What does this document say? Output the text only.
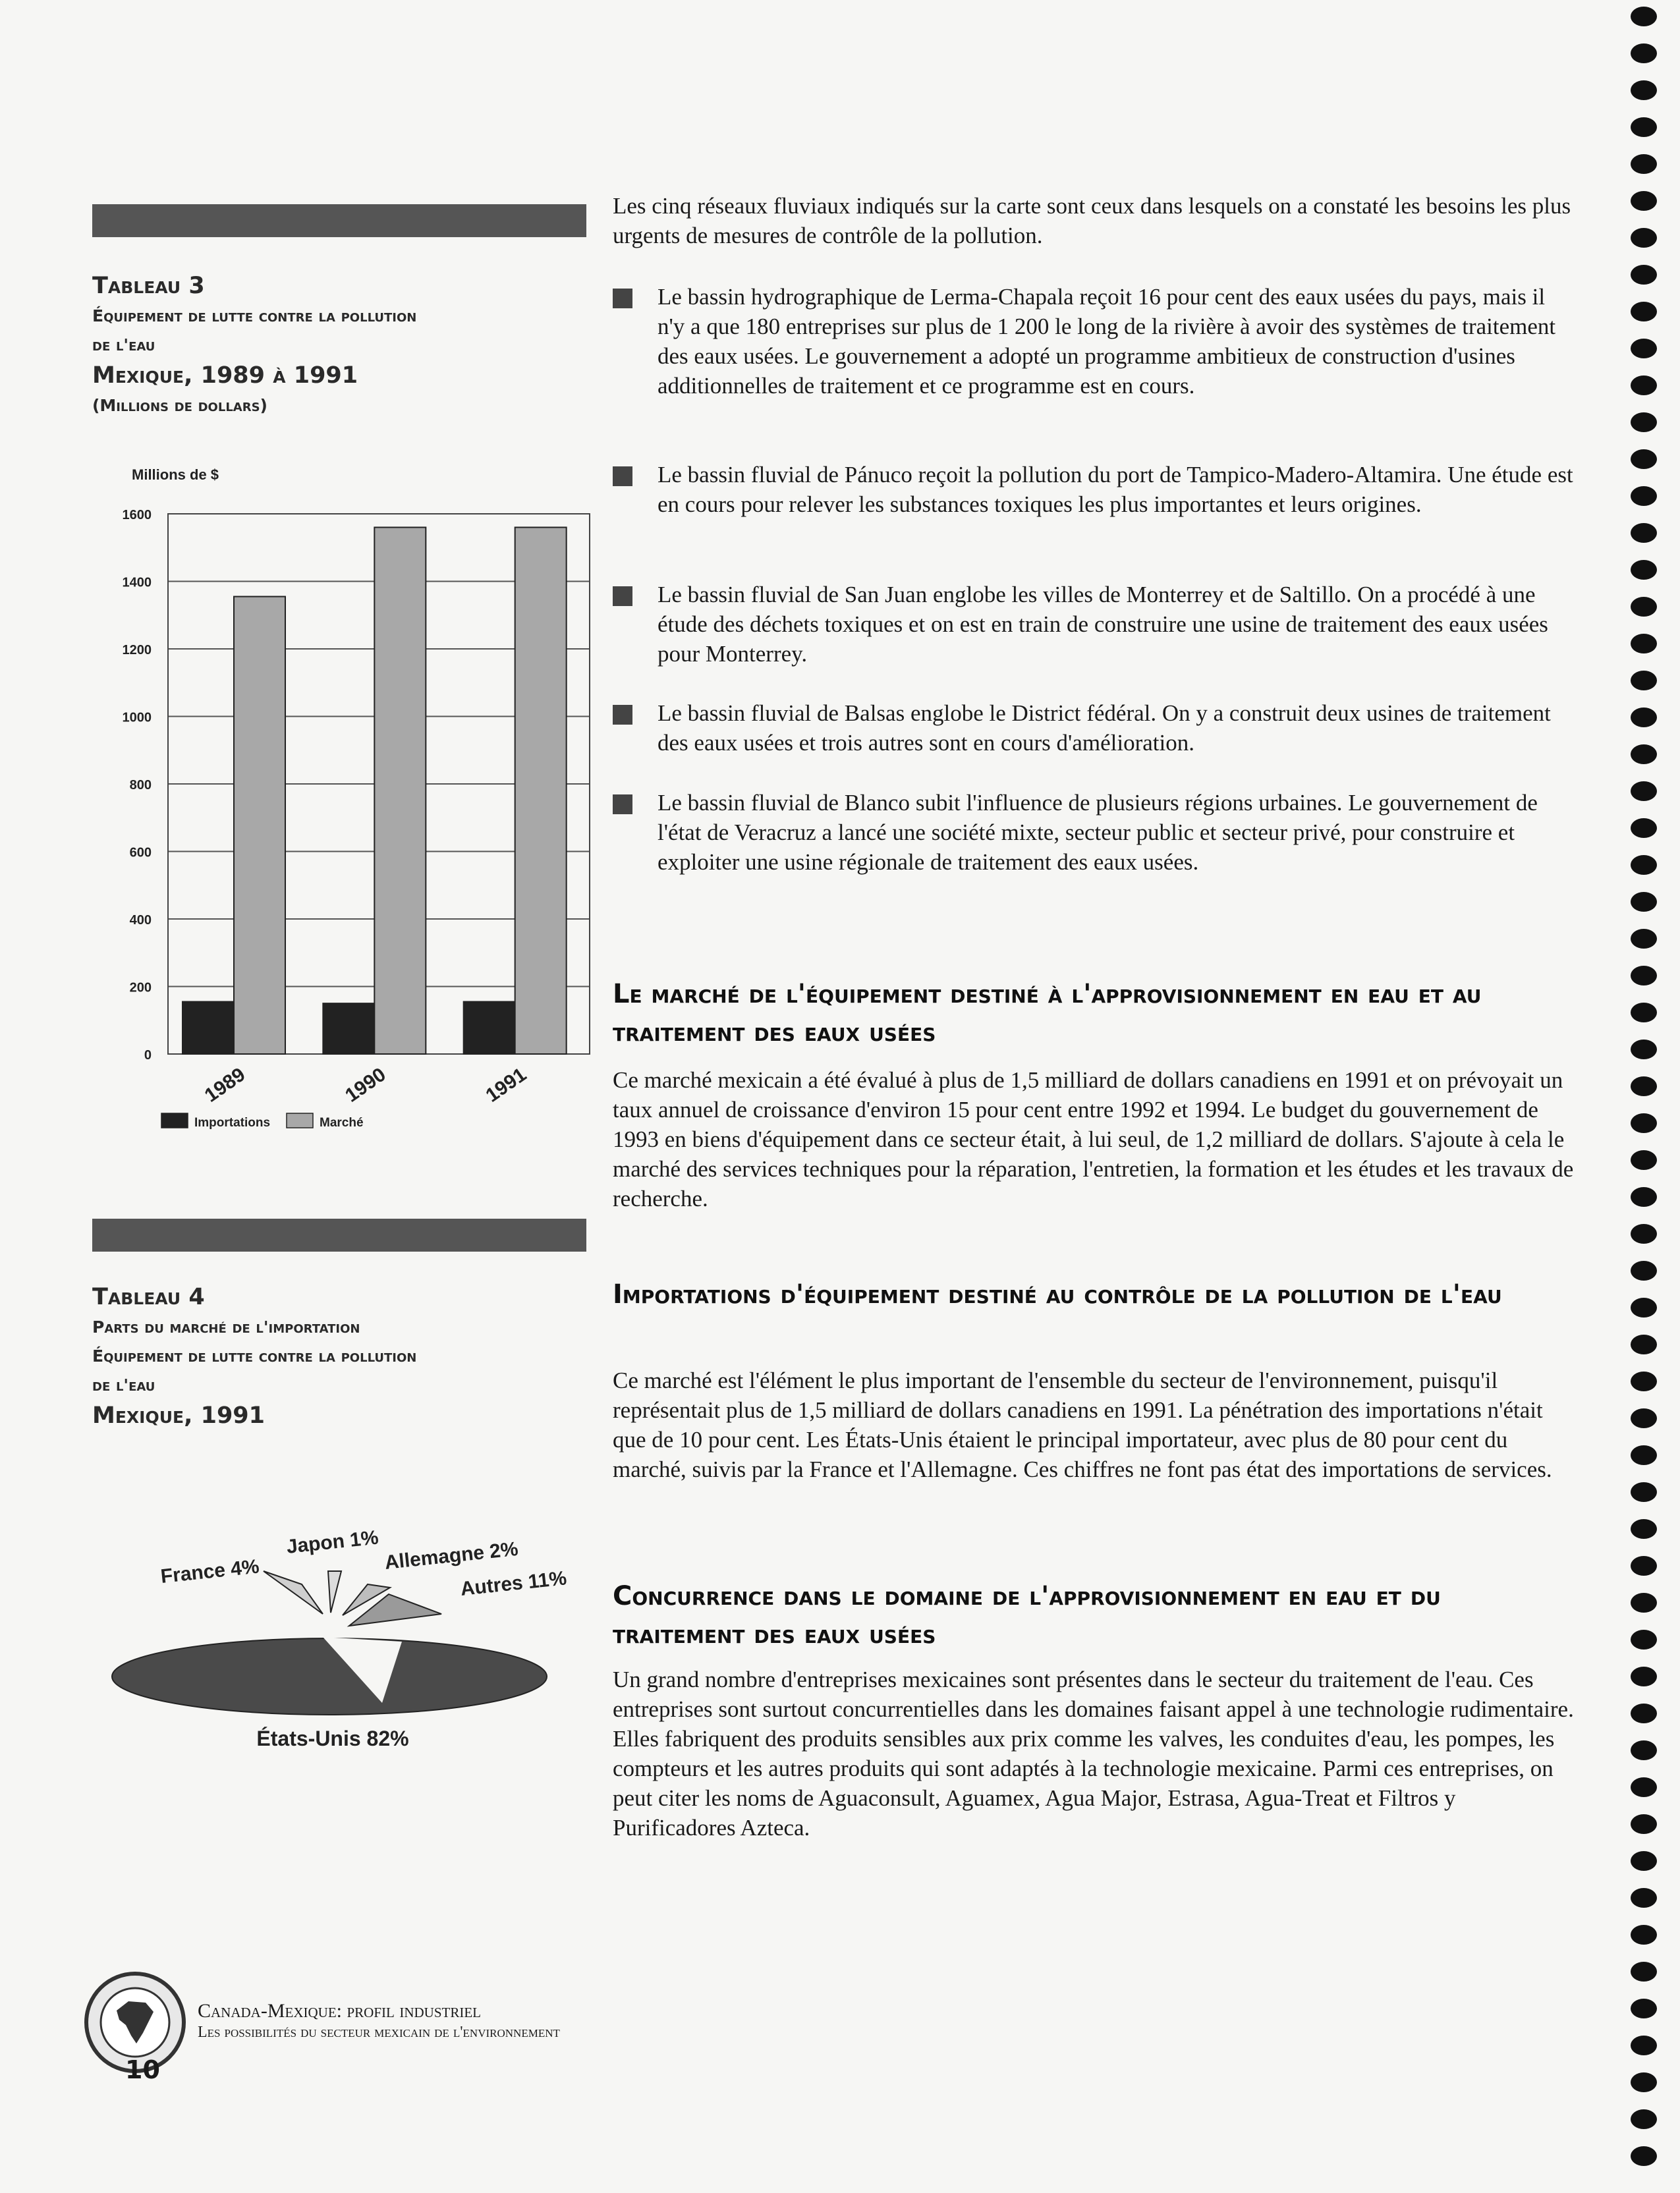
Tableau 3
Équipement de lutte contre la pollution
de l'eau
Mexique, 1989 à 1991
(Millions de dollars)
Millions de $
0
200
400
600
800
1000
1200
1400
1600
1989	1990	1991
Importations	Marché
Tableau 4
Parts du marché de l'importation
Équipement de lutte contre la pollution
de l'eau
Mexique, 1991
France 4%
Japon 1% Allemagne 2%
Autres 11%
États-Unis 82%

Les cinq réseaux fluviaux indiqués sur la carte sont ceux dans lesquels on a constaté les besoins les plus urgents de mesures de contrôle de la pollution.

Le bassin hydrographique de Lerma-Chapala reçoit 16 pour cent des eaux usées du pays, mais il n'y a que 180 entreprises sur plus de 1 200 le long de la rivière à avoir des systèmes de traitement des eaux usées. Le gouvernement a adopté un programme ambitieux de construction d'usines additionnelles de traitement et ce programme est en cours.
Le bassin fluvial de Pánuco reçoit la pollution du port de Tampico-Madero-Altamira. Une étude est en cours pour relever les substances toxiques les plus importantes et leurs origines.
Le bassin fluvial de San Juan englobe les villes de Monterrey et de Saltillo. On a procédé à une étude des déchets toxiques et on est en train de construire une usine de traitement des eaux usées pour Monterrey.
Le bassin fluvial de Balsas englobe le District fédéral. On y a construit deux usines de traitement des eaux usées et trois autres sont en cours d'amélioration.
Le bassin fluvial de Blanco subit l'influence de plusieurs régions urbaines. Le gouvernement de l'état de Veracruz a lancé une société mixte, secteur public et secteur privé, pour construire et exploiter une usine régionale de traitement des eaux usées.
Le marché de l'équipement destiné à l'approvisionnement en eau et au traitement des eaux usées
Ce marché mexicain a été évalué à plus de 1,5 milliard de dollars canadiens en 1991 et on prévoyait un taux annuel de croissance d'environ 15 pour cent entre 1992 et 1994. Le budget du gouvernement de 1993 en biens d'équipement dans ce secteur était, à lui seul, de 1,2 milliard de dollars. S'ajoute à cela le marché des services techniques pour la réparation, l'entretien, la formation et les études et les travaux de recherche.
Importations d'équipement destiné au contrôle de la pollution de l'eau
Ce marché est l'élément le plus important de l'ensemble du secteur de l'environnement, puisqu'il représentait plus de 1,5 milliard de dollars canadiens en 1991. La pénétration des importations n'était que de 10 pour cent. Les États-Unis étaient le principal importateur, avec plus de 80 pour cent du marché, suivis par la France et l'Allemagne. Ces chiffres ne font pas état des importations de services.
Concurrence dans le domaine de l'approvisionnement en eau et du traitement des eaux usées
Un grand nombre d'entreprises mexicaines sont présentes dans le secteur du traitement de l'eau. Ces entreprises sont surtout concurrentielles dans les domaines faisant appel à une technologie rudimentaire. Elles fabriquent des produits sensibles aux prix comme les valves, les conduites d'eau, les pompes, les compteurs et les autres produits qui sont adaptés à la technologie mexicaine. Parmi ces entreprises, on peut citer les noms de Aguaconsult, Aguamex, Agua Major, Estrasa, Agua-Treat et Filtros y Purificadores Azteca.
Canada-Mexique: profil industriel
Les possibilités du secteur mexicain de l'environnement
10
